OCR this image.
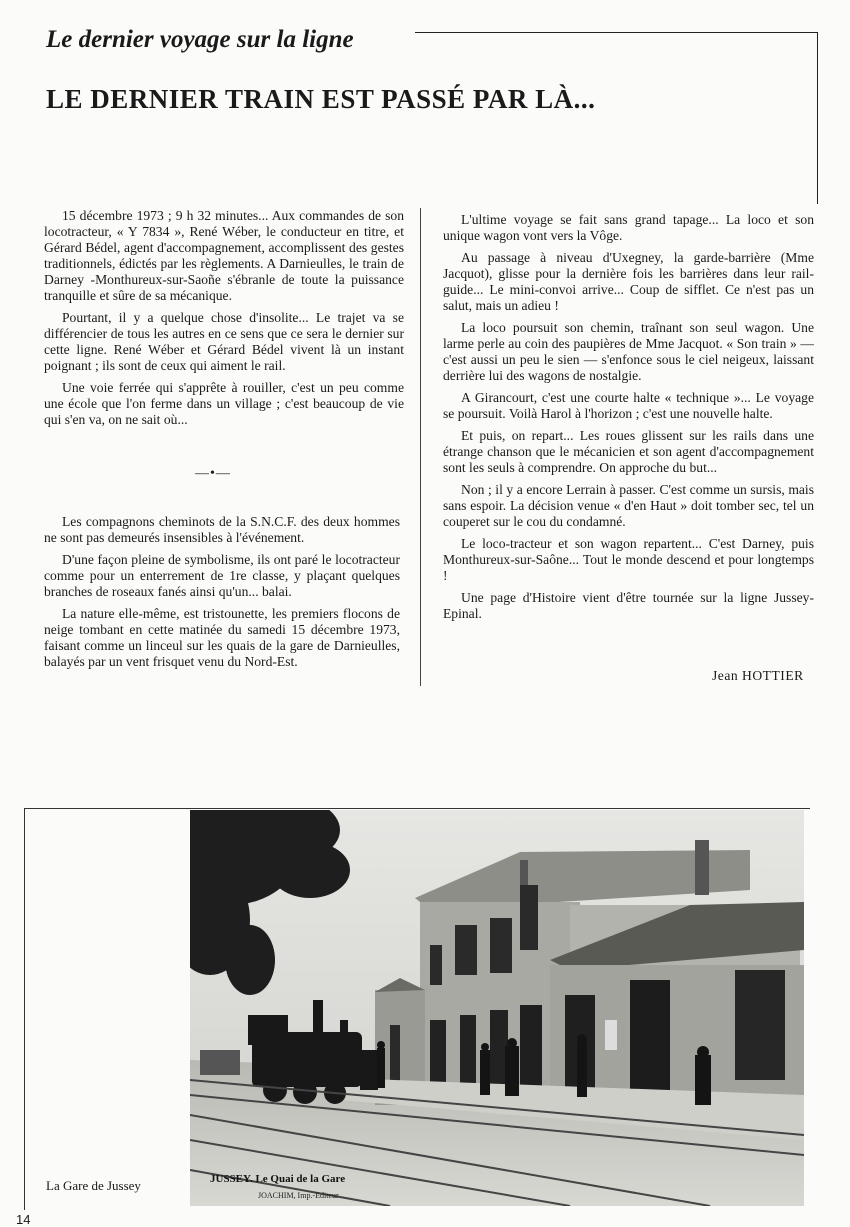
Le dernier voyage sur la ligne
LE DERNIER TRAIN EST PASSÉ PAR LÀ...

15 décembre 1973 ; 9 h 32 minutes... Aux commandes de son locotracteur, « Y 7834 », René Wéber, le conducteur en titre, et Gérard Bédel, agent d'accompagnement, accomplissent des gestes traditionnels, édictés par les règlements. A Darnieulles, le train de Darney -Monthureux-sur-Saoñe s'ébranle de toute la puissance tranquille et sûre de sa mécanique.

Pourtant, il y a quelque chose d'insolite... Le trajet va se différencier de tous les autres en ce sens que ce sera le dernier sur cette ligne. René Wéber et Gérard Bédel vivent là un instant poignant ; ils sont de ceux qui aiment le rail.

Une voie ferrée qui s'apprête à rouiller, c'est un peu comme une école que l'on ferme dans un village ; c'est beaucoup de vie qui s'en va, on ne sait où...

—•—

Les compagnons cheminots de la S.N.C.F. des deux hommes ne sont pas demeurés insensibles à l'événement.

D'une façon pleine de symbolisme, ils ont paré le locotracteur comme pour un enterrement de 1re classe, y plaçant quelques branches de roseaux fanés ainsi qu'un... balai.

La nature elle-même, est tristounette, les premiers flocons de neige tombant en cette matinée du samedi 15 décembre 1973, faisant comme un linceul sur les quais de la gare de Darnieulles, balayés par un vent frisquet venu du Nord-Est.

L'ultime voyage se fait sans grand tapage... La loco et son unique wagon vont vers la Vôge.

Au passage à niveau d'Uxegney, la garde-barrière (Mme Jacquot), glisse pour la dernière fois les barrières dans leur rail-guide... Le mini-convoi arrive... Coup de sifflet. Ce n'est pas un salut, mais un adieu !

La loco poursuit son chemin, traînant son seul wagon. Une larme perle au coin des paupières de Mme Jacquot. « Son train » — c'est aussi un peu le sien — s'enfonce sous le ciel neigeux, laissant derrière lui des wagons de nostalgie.

A Girancourt, c'est une courte halte « technique »... Le voyage se poursuit. Voilà Harol à l'horizon ; c'est une nouvelle halte.

Et puis, on repart... Les roues glissent sur les rails dans une étrange chanson que le mécanicien et son agent d'accompagnement sont les seuls à comprendre. On approche du but...

Non ; il y a encore Lerrain à passer. C'est comme un sursis, mais sans espoir. La décision venue « d'en Haut » doit tomber sec, tel un couperet sur le cou du condamné.

Le loco-tracteur et son wagon repartent... C'est Darney, puis Monthureux-sur-Saône... Tout le monde descend et pour longtemps !

Une page d'Histoire vient d'être tournée sur la ligne Jussey-Epinal.

Jean HOTTIER
La Gare de Jussey	JUSSEY. Le Quai de la Gare
JOACHIM, Imp.-Editeur
14
